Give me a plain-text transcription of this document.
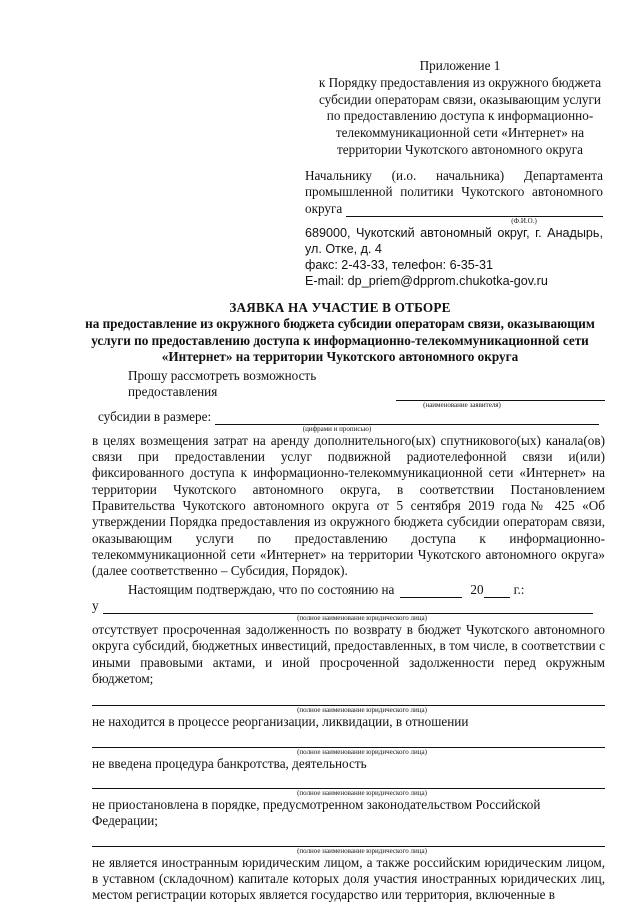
Приложение 1
к Порядку предоставления из окружного бюджета
субсидии операторам связи, оказывающим услуги
по предоставлению доступа к информационно-
телекоммуникационной сети «Интернет» на
территории Чукотского автономного округа
Начальнику (и.о. начальника) Департамента
промышленной политики Чукотского автономного
округа
(Ф.И.О.)
689000, Чукотский автономный округ, г. Анадырь,
ул. Отке, д. 4
факс: 2-43-33, телефон: 6-35-31
E-mail: dp_priem@dpprom.chukotka-gov.ru
ЗАЯВКА НА УЧАСТИЕ В ОТБОРЕ
на предоставление из окружного бюджета субсидии операторам связи, оказывающим
услуги по предоставлению доступа к информационно-телекоммуникационной сети
«Интернет» на территории Чукотского автономного округа
Прошу рассмотреть возможность предоставления
(наименование заявителя)
субсидии в размере:
(цифрами и прописью)
в целях возмещения затрат на аренду дополнительного(ых) спутникового(ых) канала(ов) связи при предоставлении услуг подвижной радиотелефонной связи и(или) фиксированного доступа к информационно-телекоммуникационной сети «Интернет» на территории Чукотского автономного округа, в соответствии Постановлением Правительства Чукотского автономного округа от 5 сентября 2019 года№ 425 «Об утверждении Порядка предоставления из окружного бюджета субсидии операторам связи, оказывающим услуги по предоставлению доступа к информационно-телекоммуникационной сети «Интернет» на территории Чукотского автономного округа» (далее соответственно – Субсидия, Порядок).
Настоящим подтверждаю, что по состоянию на	20 г.:
у
(полное наименование юридического лица)
отсутствует просроченная задолженность по возврату в бюджет Чукотского автономного округа субсидий, бюджетных инвестиций, предоставленных, в том числе, в соответствии с иными правовыми актами, и иной просроченной задолженности перед окружным бюджетом;
(полное наименование юридического лица)
не находится в процессе реорганизации, ликвидации, в отношении
(полное наименование юридического лица)
не введена процедура банкротства, деятельность
(полное наименование юридического лица)
не приостановлена в порядке, предусмотренном законодательством Российской Федерации;
(полное наименование юридического лица)
не является иностранным юридическим лицом, а также российским юридическим лицом, в уставном (складочном) капитале которых доля участия иностранных юридических лиц, местом регистрации которых является государство или территория, включенные в
